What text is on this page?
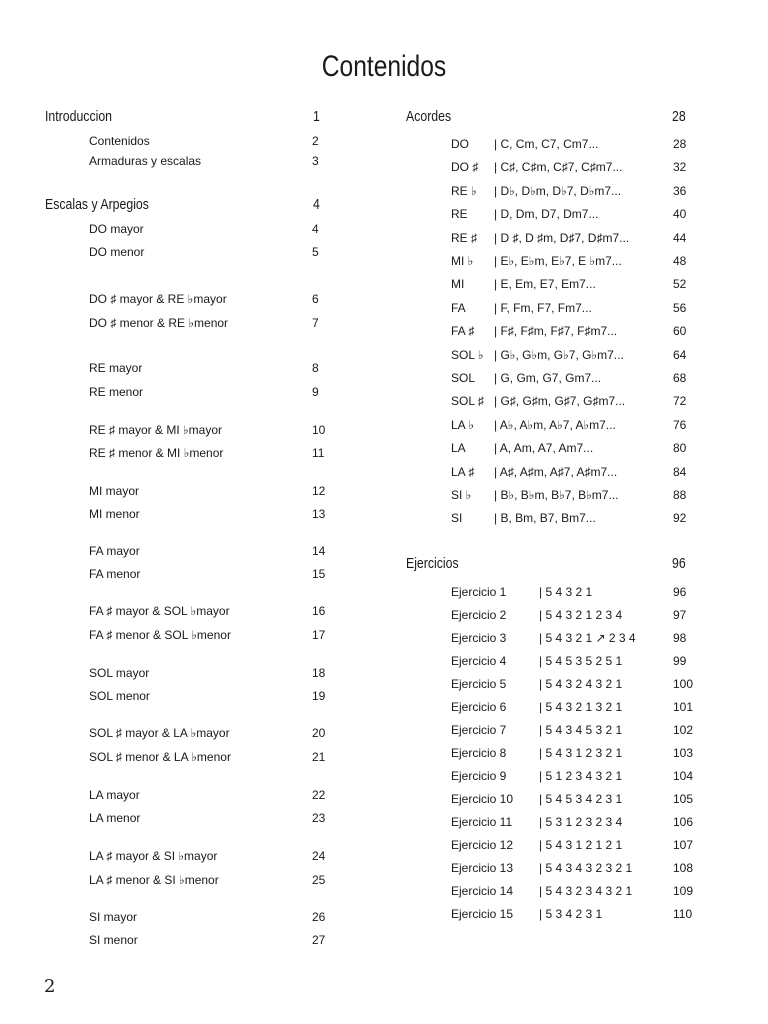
Contenidos
Introduccion	1
Contenidos	2
Armaduras y escalas	3
Escalas y Arpegios	4
DO mayor	4
DO menor	5
DO ♯ mayor & RE ♭mayor	6
DO ♯ menor & RE ♭menor	7
RE mayor	8
RE menor	9
RE ♯ mayor & MI ♭mayor	10
RE ♯ menor & MI ♭menor	11
MI mayor	12
MI menor	13
FA mayor	14
FA menor	15
FA ♯ mayor & SOL ♭mayor	16
FA ♯ menor & SOL ♭menor	17
SOL mayor	18
SOL menor	19
SOL ♯ mayor & LA ♭mayor	20
SOL ♯ menor & LA ♭menor	21
LA mayor	22
LA menor	23
LA ♯ mayor & SI ♭mayor	24
LA ♯ menor & SI ♭menor	25
SI mayor	26
SI menor	27
Acordes	28
DO | C, Cm, C7, Cm7...	28
DO ♯ | C♯, C♯m, C♯7, C♯m7...	32
RE ♭ | D♭, D♭m, D♭7, D♭m7...	36
RE | D, Dm, D7, Dm7...	40
RE ♯ | D ♯, D ♯m, D♯7, D♯m7...	44
MI ♭ | E♭, E♭m, E♭7, E ♭m7...	48
MI | E, Em, E7, Em7...	52
FA | F, Fm, F7, Fm7...	56
FA ♯ | F♯, F♯m, F♯7, F♯m7...	60
SOL ♭ | G♭, G♭m, G♭7, G♭m7...	64
SOL | G, Gm, G7, Gm7...	68
SOL ♯ | G♯, G♯m, G♯7, G♯m7...	72
LA ♭ | A♭, A♭m, A♭7, A♭m7...	76
LA | A, Am, A7, Am7...	80
LA ♯ | A♯, A♯m, A♯7, A♯m7...	84
SI ♭ | B♭, B♭m, B♭7, B♭m7...	88
SI	| B, Bm, B7, Bm7...	92
Ejercicios	96
Ejercicio 1	| 5 4 3 2 1	96
Ejercicio 2	| 5 4 3 2 1 2 3 4	97
Ejercicio 3	| 5 4 3 2 1 ↗ 2 3 4	98
Ejercicio 4	| 5 4 5 3 5 2 5 1	99
Ejercicio 5	| 5 4 3 2 4 3 2 1	100
Ejercicio 6	| 5 4 3 2 1 3 2 1	101
Ejercicio 7	| 5 4 3 4 5 3 2 1	102
Ejercicio 8	| 5 4 3 1 2 3 2 1	103
Ejercicio 9	| 5 1 2 3 4 3 2 1	104
Ejercicio 10 | 5 4 5 3 4 2 3 1	105
Ejercicio 11 | 5 3 1 2 3 2 3 4	106
Ejercicio 12 | 5 4 3 1 2 1 2 1	107
Ejercicio 13 | 5 4 3 4 3 2 3 2 1	108
Ejercicio 14 | 5 4 3 2 3 4 3 2 1	109
Ejercicio 15 | 5 3 4 2 3 1	110
2
